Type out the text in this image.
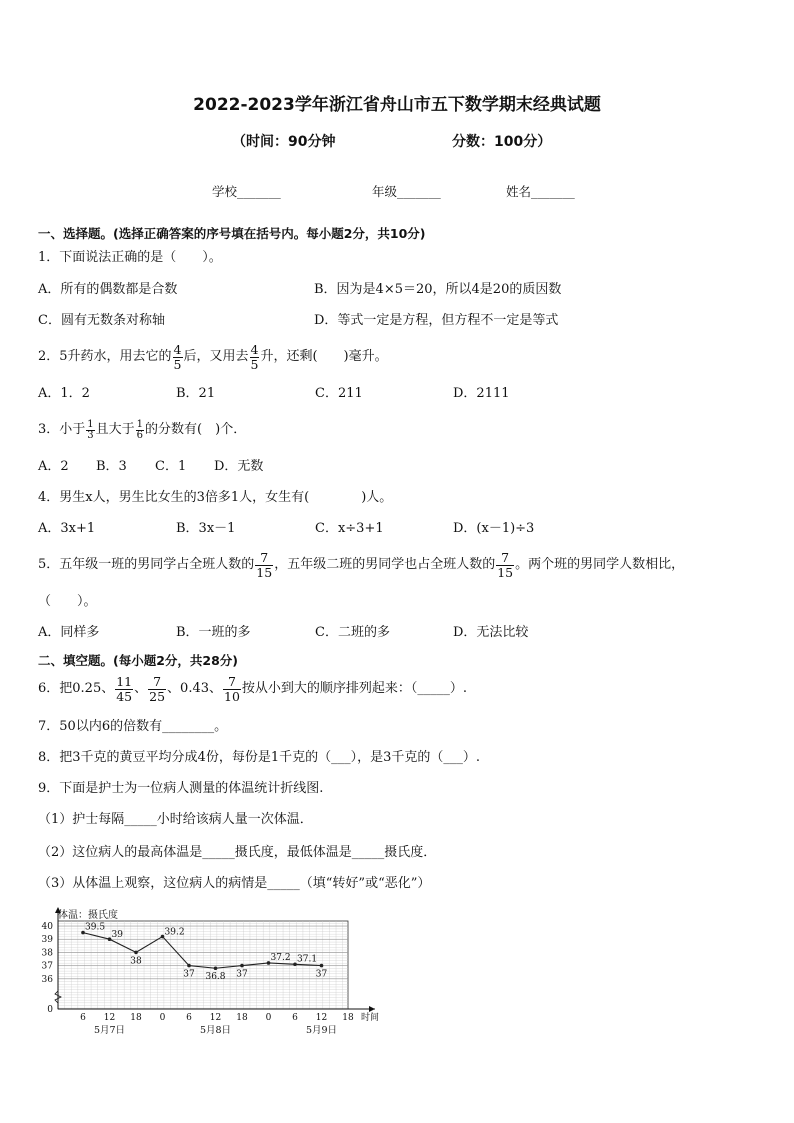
2022-2023学年浙江省舟山市五下数学期末经典试题
（时间：90分钟	分数：100分）
学校_______	年级_______	姓名_______
一、选择题。(选择正确答案的序号填在括号内。每小题2分，共10分)
1．下面说法正确的是（　　）。
A．所有的偶数都是合数	B．因为是4×5＝20，所以4是20的质因数
C．圆有无数条对称轴	D．等式一定是方程，但方程不一定是等式
2．5升药水，用去它的 $\frac{4}{5}$ 后，又用去 $\frac{4}{5}$ 升，还剩(　　)毫升。
A．1．2	B．21	C．211	D．2111
3．小于 $\frac{1}{3}$ 且大于 $\frac{1}{6}$ 的分数有(　)个．
A．2 B．3 C．1 D．无数
4．男生x人，男生比女生的3倍多1人，女生有(　　　　)人。
A．3x+1	B．3x－1	C．x÷3+1	D．(x－1)÷3
5．五年级一班的男同学占全班人数的 $\frac{7}{15}$ ，五年级二班的男同学也占全班人数的 $\frac{7}{15}$ 。两个班的男同学人数相比，
（　　）。
A．同样多	B．一班的多	C．二班的多	D．无法比较
二、填空题。(每小题2分，共28分)
6．把0.25、 $\frac{11}{45}$ 、 $\frac{7}{25}$ 、0.43、 $\frac{7}{10}$ 按从小到大的顺序排列起来：（_____）.
7．50以内6的倍数有________。
8．把3千克的黄豆平均分成4份，每份是1千克的（___），是3千克的（___）.
9．下面是护士为一位病人测量的体温统计折线图.
（1）护士每隔_____小时给该病人量一次体温．
（2）这位病人的最高体温是_____摄氏度，最低体温是_____摄氏度．
（3）从体温上观察，这位病人的病情是_____（填“转好”或“恶化”）
0
36
37
38
39
40
6 12 18 0 6 12 18 0 6 12 18
5月7日	5月8日	5月9日
39.5
39
38
39.2
37 36.8 37
37.2 37.1
37
体温：摄氏度
时间
